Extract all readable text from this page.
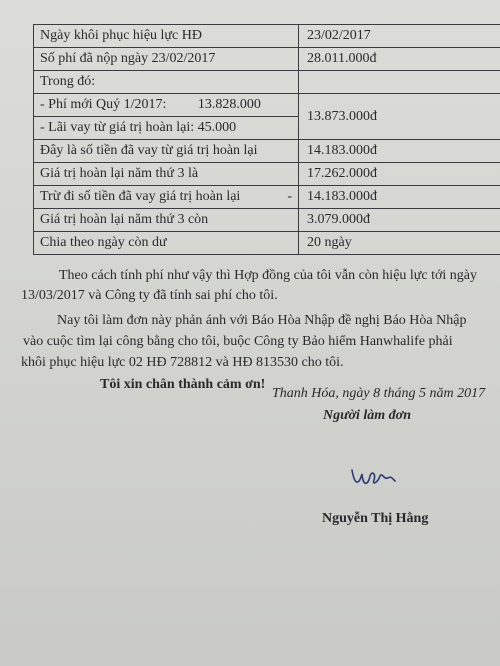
Ngày khôi phục hiệu lực HĐ	23/02/2017
Số phí đã nộp ngày 23/02/2017	28.011.000đ
Trong đó:	
- Phí mới Quý 1/2017: 13.828.000	13.873.000đ
- Lãi vay từ giá trị hoàn lại: 45.000	
Đây là số tiền đã vay từ giá trị hoàn lại	14.183.000đ
Giá trị hoàn lại năm thứ 3 là	17.262.000đ
Trừ đi số tiền đã vay giá trị hoàn lại -	14.183.000đ
Giá trị hoàn lại năm thứ 3 còn	3.079.000đ
Chia theo ngày còn dư	20 ngày
Theo cách tính phí như vậy thì Hợp đồng của tôi vẫn còn hiệu lực tới ngày
13/03/2017 và Công ty đã tính sai phí cho tôi.
Nay tôi làm đơn này phản ánh với Báo Hòa Nhập đề nghị Báo Hòa Nhập
vào cuộc tìm lại công bằng cho tôi, buộc Công ty Bảo hiểm Hanwhalife phải
khôi phục hiệu lực 02 HĐ 728812 và HĐ 813530 cho tôi.
Tôi xin chân thành cảm ơn!
Thanh Hóa, ngày 8 tháng 5 năm 2017
Người làm đơn
Nguyễn Thị Hằng
